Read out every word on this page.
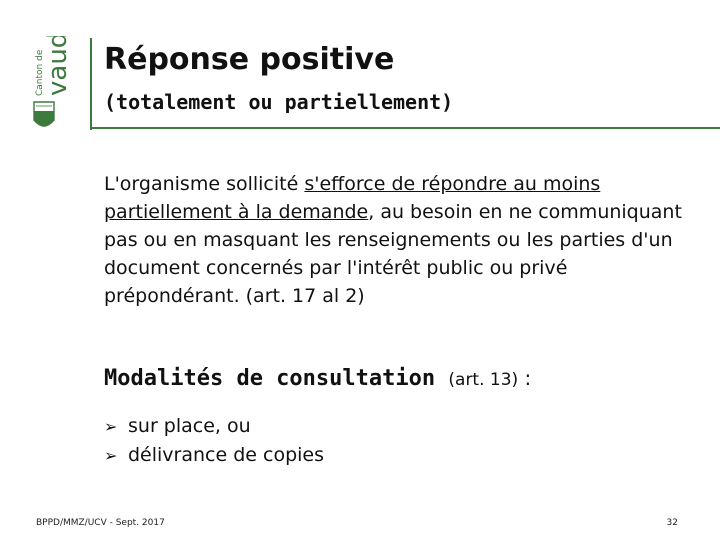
Canton de
vaud Réponse positive
(totalement ou partiellement)
L'organisme sollicité s'efforce de répondre au moins partiellement à la demande, au besoin en ne communiquant pas ou en masquant les renseignements ou les parties d'un document concernés par l'intérêt public ou privé prépondérant. (art. 17 al 2)
Modalités de consultation (art. 13) :
➢ sur place, ou
➢ délivrance de copies
BPPD/MMZ/UCV - Sept. 2017	32
